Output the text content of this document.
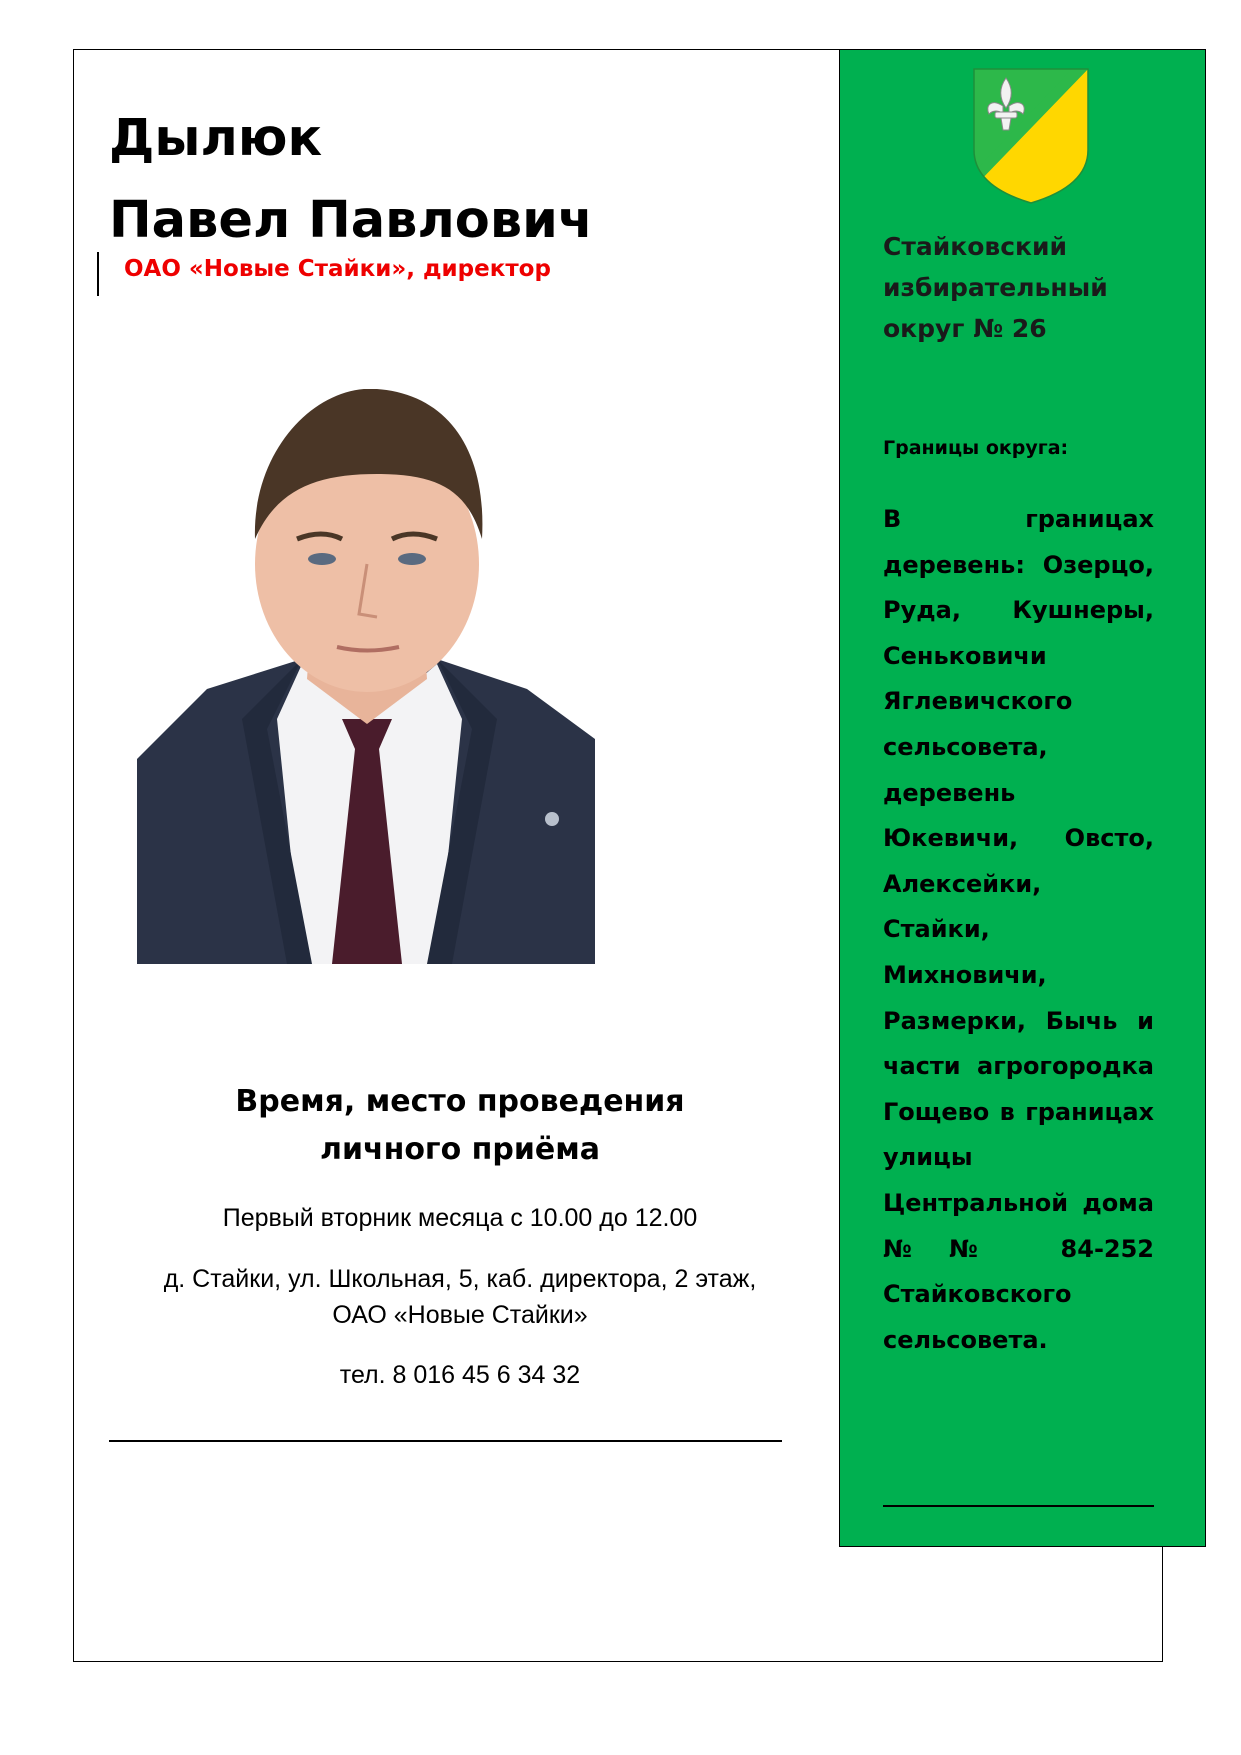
Дылюк
Павел Павлович
ОАО «Новые Стайки», директор
Время, место проведения
личного приёма
Первый вторник месяца с 10.00 до 12.00
д. Стайки, ул. Школьная, 5, каб. директора, 2 этаж,
ОАО «Новые Стайки»
тел. 8 016 45 6 34 32
Стайковский
избирательный
округ № 26
Границы округа:
В границах деревень: Озерцо, Руда, Кушнеры, Сеньковичи Яглевичского сельсовета, деревень Юкевичи, Овсто, Алексейки, Стайки, Михновичи, Размерки, Бычь и части агрогородка Гощево в границах улицы Центральной дома №№ 84-252 Стайковского сельсовета.
